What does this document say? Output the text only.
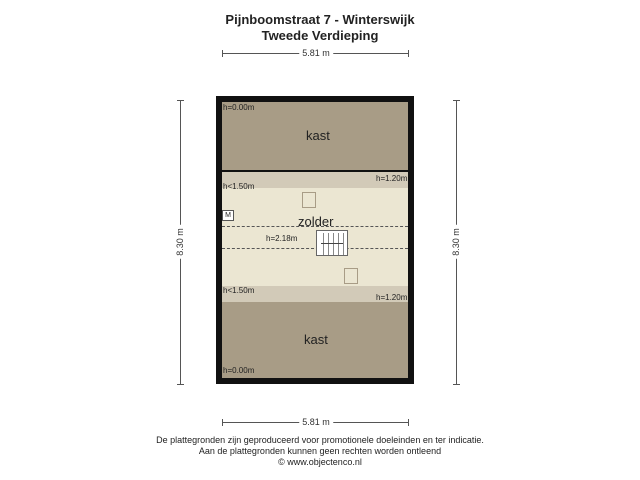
Pijnboomstraat 7 - Winterswijk
Tweede Verdieping
5.81 m
5.81 m
8.30 m	8.30 m
M
kast
zolder
kast
h=0.00m
h=1.20m
h<1.50m
h=2.18m
h<1.50m
h=1.20m
h=0.00m
De plattegronden zijn geproduceerd voor promotionele doeleinden en ter indicatie.
Aan de plattegronden kunnen geen rechten worden ontleend
© www.objectenco.nl
